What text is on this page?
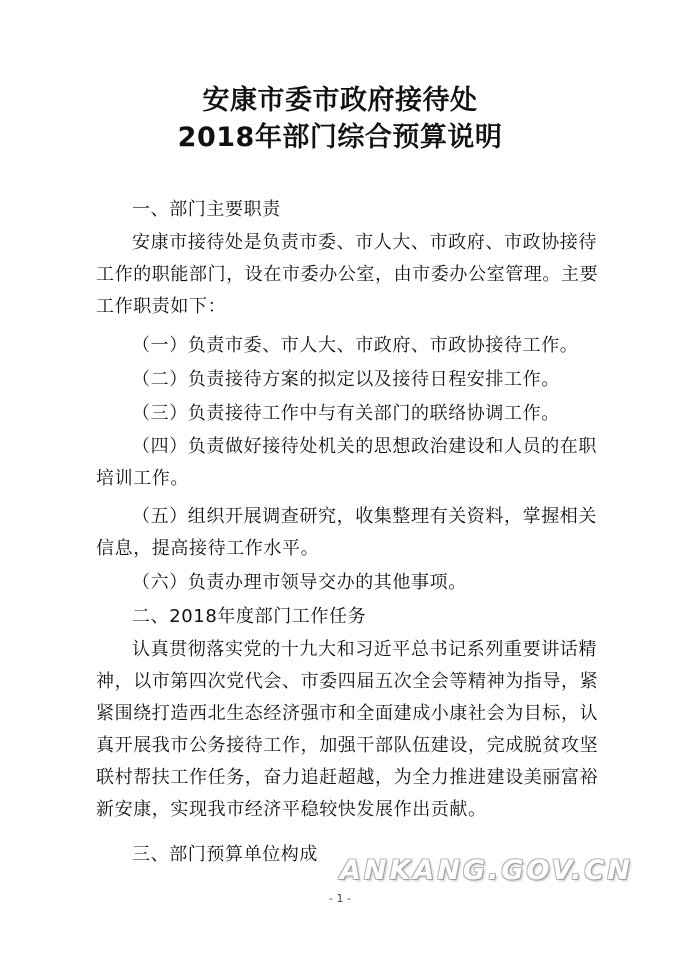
安康市委市政府接待处
2018年部门综合预算说明

一、部门主要职责

安康市接待处是负责市委、市人大、市政府、市政协接待工作的职能部门，设在市委办公室，由市委办公室管理。主要工作职责如下：

（一）负责市委、市人大、市政府、市政协接待工作。

（二）负责接待方案的拟定以及接待日程安排工作。

（三）负责接待工作中与有关部门的联络协调工作。

（四）负责做好接待处机关的思想政治建设和人员的在职培训工作。

（五）组织开展调查研究，收集整理有关资料，掌握相关信息，提高接待工作水平。

（六）负责办理市领导交办的其他事项。

二、2018年度部门工作任务

认真贯彻落实党的十九大和习近平总书记系列重要讲话精神，以市第四次党代会、市委四届五次全会等精神为指导，紧紧围绕打造西北生态经济强市和全面建成小康社会为目标，认真开展我市公务接待工作，加强干部队伍建设，完成脱贫攻坚联村帮扶工作任务，奋力追赶超越，为全力推进建设美丽富裕新安康，实现我市经济平稳较快发展作出贡献。

三、部门预算单位构成

ANKANG.GOV.CN
- 1 -
